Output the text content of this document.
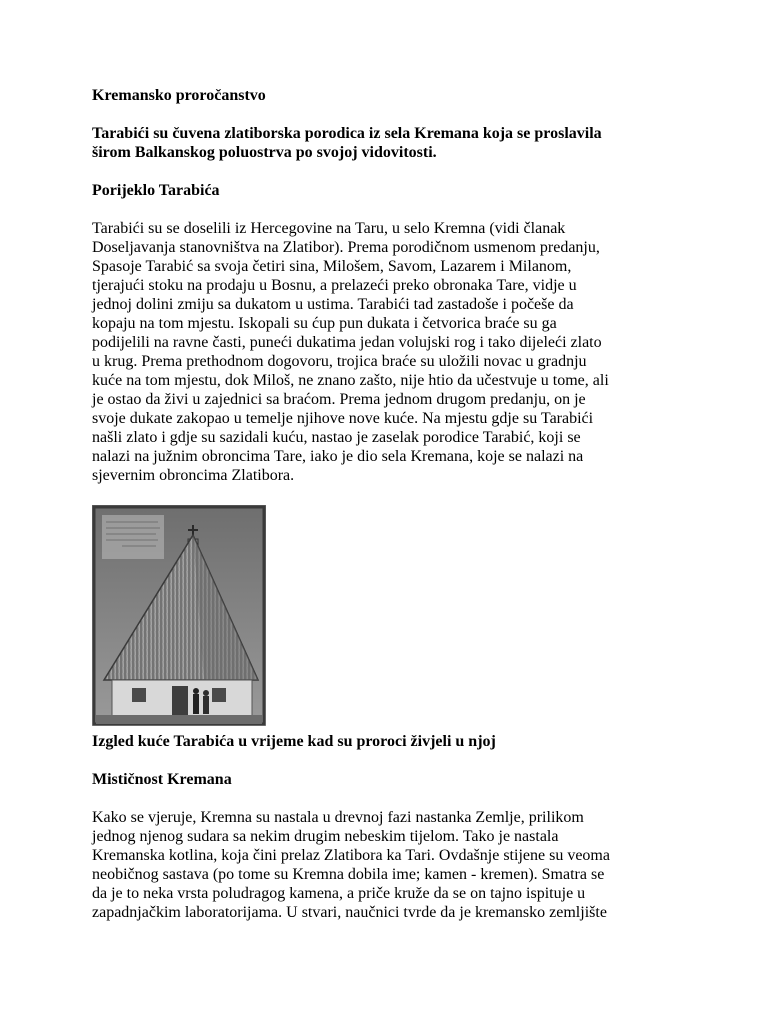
Kremansko proročanstvo

Tarabići su čuvena zlatiborska porodica iz sela Kremana koja se proslavila

širom Balkanskog poluostrva po svojoj vidovitosti.

Porijeklo Tarabića

Tarabići su se doselili iz Hercegovine na Taru, u selo Kremna (vidi članak

Doseljavanja stanovništva na Zlatibor). Prema porodičnom usmenom predanju,

Spasoje Tarabić sa svoja četiri sina, Milošem, Savom, Lazarem i Milanom,

tjerajući stoku na prodaju u Bosnu, a prelazeći preko obronaka Tare, vidje u

jednoj dolini zmiju sa dukatom u ustima. Tarabići tad zastadoše i počeše da

kopaju na tom mjestu. Iskopali su ćup pun dukata i četvorica braće su ga

podijelili na ravne časti, puneći dukatima jedan volujski rog i tako dijeleći zlato

u krug. Prema prethodnom dogovoru, trojica braće su uložili novac u gradnju

kuće na tom mjestu, dok Miloš, ne znano zašto, nije htio da učestvuje u tome, ali

je ostao da živi u zajednici sa braćom. Prema jednom drugom predanju, on je

svoje dukate zakopao u temelje njihove nove kuće. Na mjestu gdje su Tarabići

našli zlato i gdje su sazidali kuću, nastao je zaselak porodice Tarabić, koji se

nalazi na južnim obroncima Tare, iako je dio sela Kremana, koje se nalazi na

sjevernim obroncima Zlatibora.

Izgled kuće Tarabića u vrijeme kad su proroci živjeli u njoj

Mističnost Kremana

Kako se vjeruje, Kremna su nastala u drevnoj fazi nastanka Zemlje, prilikom

jednog njenog sudara sa nekim drugim nebeskim tijelom. Tako je nastala

Kremanska kotlina, koja čini prelaz Zlatibora ka Tari. Ovdašnje stijene su veoma

neobičnog sastava (po tome su Kremna dobila ime; kamen - kremen). Smatra se

da je to neka vrsta poludragog kamena, a priče kruže da se on tajno ispituje u

zapadnjačkim laboratorijama. U stvari, naučnici tvrde da je kremansko zemljište
